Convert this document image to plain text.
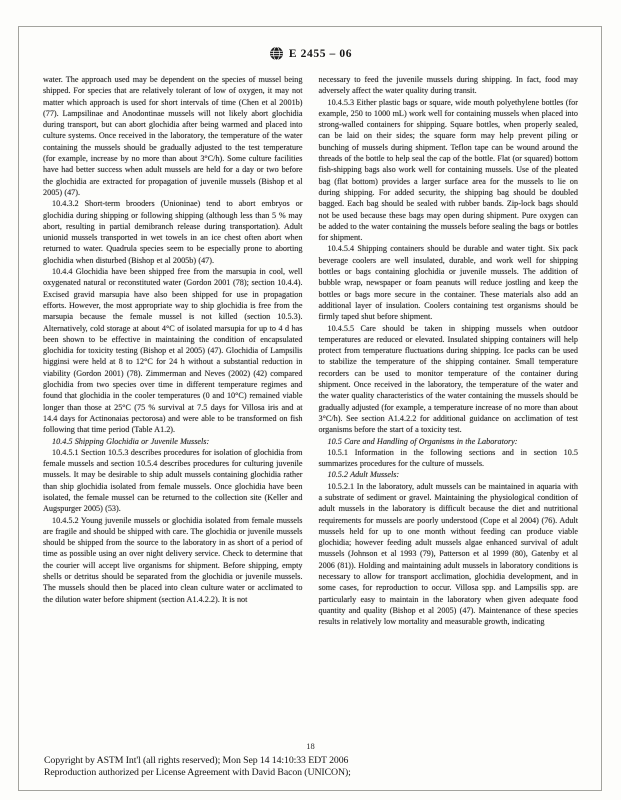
E 2455 – 06

water. The approach used may be dependent on the species of mussel being shipped. For species that are relatively tolerant of low of oxygen, it may not matter which approach is used for short intervals of time (Chen et al 2001b) (77). Lampsilinae and Anodontinae mussels will not likely abort glochidia during transport, but can abort glochidia after being warmed and placed into culture systems. Once received in the laboratory, the temperature of the water containing the mussels should be gradually adjusted to the test temperature (for example, increase by no more than about 3°C/h). Some culture facilities have had better success when adult mussels are held for a day or two before the glochidia are extracted for propagation of juvenile mussels (Bishop et al 2005) (47).

10.4.3.2 Short-term brooders (Unioninae) tend to abort embryos or glochidia during shipping or following shipping (although less than 5 % may abort, resulting in partial demibranch release during transportation). Adult unionid mussels transported in wet towels in an ice chest often abort when returned to water. Quadrula species seem to be especially prone to aborting glochidia when disturbed (Bishop et al 2005b) (47).

10.4.4 Glochidia have been shipped free from the marsupia in cool, well oxygenated natural or reconstituted water (Gordon 2001 (78); section 10.4.4). Excised gravid marsupia have also been shipped for use in propagation efforts. However, the most appropriate way to ship glochidia is free from the marsupia because the female mussel is not killed (section 10.5.3). Alternatively, cold storage at about 4°C of isolated marsupia for up to 4 d has been shown to be effective in maintaining the condition of encapsulated glochidia for toxicity testing (Bishop et al 2005) (47). Glochidia of Lampsilis higginsi were held at 8 to 12°C for 24 h without a substantial reduction in viability (Gordon 2001) (78). Zimmerman and Neves (2002) (42) compared glochidia from two species over time in different temperature regimes and found that glochidia in the cooler temperatures (0 and 10°C) remained viable longer than those at 25°C (75 % survival at 7.5 days for Villosa iris and at 14.4 days for Actinonaias pectorosa) and were able to be transformed on fish following that time period (Table A1.2).

10.4.5 Shipping Glochidia or Juvenile Mussels:

10.4.5.1 Section 10.5.3 describes procedures for isolation of glochidia from female mussels and section 10.5.4 describes procedures for culturing juvenile mussels. It may be desirable to ship adult mussels containing glochidia rather than ship glochidia isolated from female mussels. Once glochidia have been isolated, the female mussel can be returned to the collection site (Keller and Augspurger 2005) (53).

10.4.5.2 Young juvenile mussels or glochidia isolated from female mussels are fragile and should be shipped with care. The glochidia or juvenile mussels should be shipped from the source to the laboratory in as short of a period of time as possible using an over night delivery service. Check to determine that the courier will accept live organisms for shipment. Before shipping, empty shells or detritus should be separated from the glochidia or juvenile mussels. The mussels should then be placed into clean culture water or acclimated to the dilution water before shipment (section A1.4.2.2). It is not

necessary to feed the juvenile mussels during shipping. In fact, food may adversely affect the water quality during transit.

10.4.5.3 Either plastic bags or square, wide mouth polyethylene bottles (for example, 250 to 1000 mL) work well for containing mussels when placed into strong-walled containers for shipping. Square bottles, when properly sealed, can be laid on their sides; the square form may help prevent piling or bunching of mussels during shipment. Teflon tape can be wound around the threads of the bottle to help seal the cap of the bottle. Flat (or squared) bottom fish-shipping bags also work well for containing mussels. Use of the pleated bag (flat bottom) provides a larger surface area for the mussels to lie on during shipping. For added security, the shipping bag should be doubled bagged. Each bag should be sealed with rubber bands. Zip-lock bags should not be used because these bags may open during shipment. Pure oxygen can be added to the water containing the mussels before sealing the bags or bottles for shipment.

10.4.5.4 Shipping containers should be durable and water tight. Six pack beverage coolers are well insulated, durable, and work well for shipping bottles or bags containing glochidia or juvenile mussels. The addition of bubble wrap, newspaper or foam peanuts will reduce jostling and keep the bottles or bags more secure in the container. These materials also add an additional layer of insulation. Coolers containing test organisms should be firmly taped shut before shipment.

10.4.5.5 Care should be taken in shipping mussels when outdoor temperatures are reduced or elevated. Insulated shipping containers will help protect from temperature fluctuations during shipping. Ice packs can be used to stabilize the temperature of the shipping container. Small temperature recorders can be used to monitor temperature of the container during shipment. Once received in the laboratory, the temperature of the water and the water quality characteristics of the water containing the mussels should be gradually adjusted (for example, a temperature increase of no more than about 3°C/h). See section A1.4.2.2 for additional guidance on acclimation of test organisms before the start of a toxicity test.

10.5 Care and Handling of Organisms in the Laboratory:

10.5.1 Information in the following sections and in section 10.5 summarizes procedures for the culture of mussels.

10.5.2 Adult Mussels:

10.5.2.1 In the laboratory, adult mussels can be maintained in aquaria with a substrate of sediment or gravel. Maintaining the physiological condition of adult mussels in the laboratory is difficult because the diet and nutritional requirements for mussels are poorly understood (Cope et al 2004) (76). Adult mussels held for up to one month without feeding can produce viable glochidia; however feeding adult mussels algae enhanced survival of adult mussels (Johnson et al 1993 (79), Patterson et al 1999 (80), Gatenby et al 2006 (81)). Holding and maintaining adult mussels in laboratory conditions is necessary to allow for transport acclimation, glochidia development, and in some cases, for reproduction to occur. Villosa spp. and Lampsilis spp. are particularly easy to maintain in the laboratory when given adequate food quantity and quality (Bishop et al 2005) (47). Maintenance of these species results in relatively low mortality and measurable growth, indicating

18
Copyright by ASTM Int'l (all rights reserved); Mon Sep 14 14:10:33 EDT 2006
Reproduction authorized per License Agreement with David Bacon (UNICON);
